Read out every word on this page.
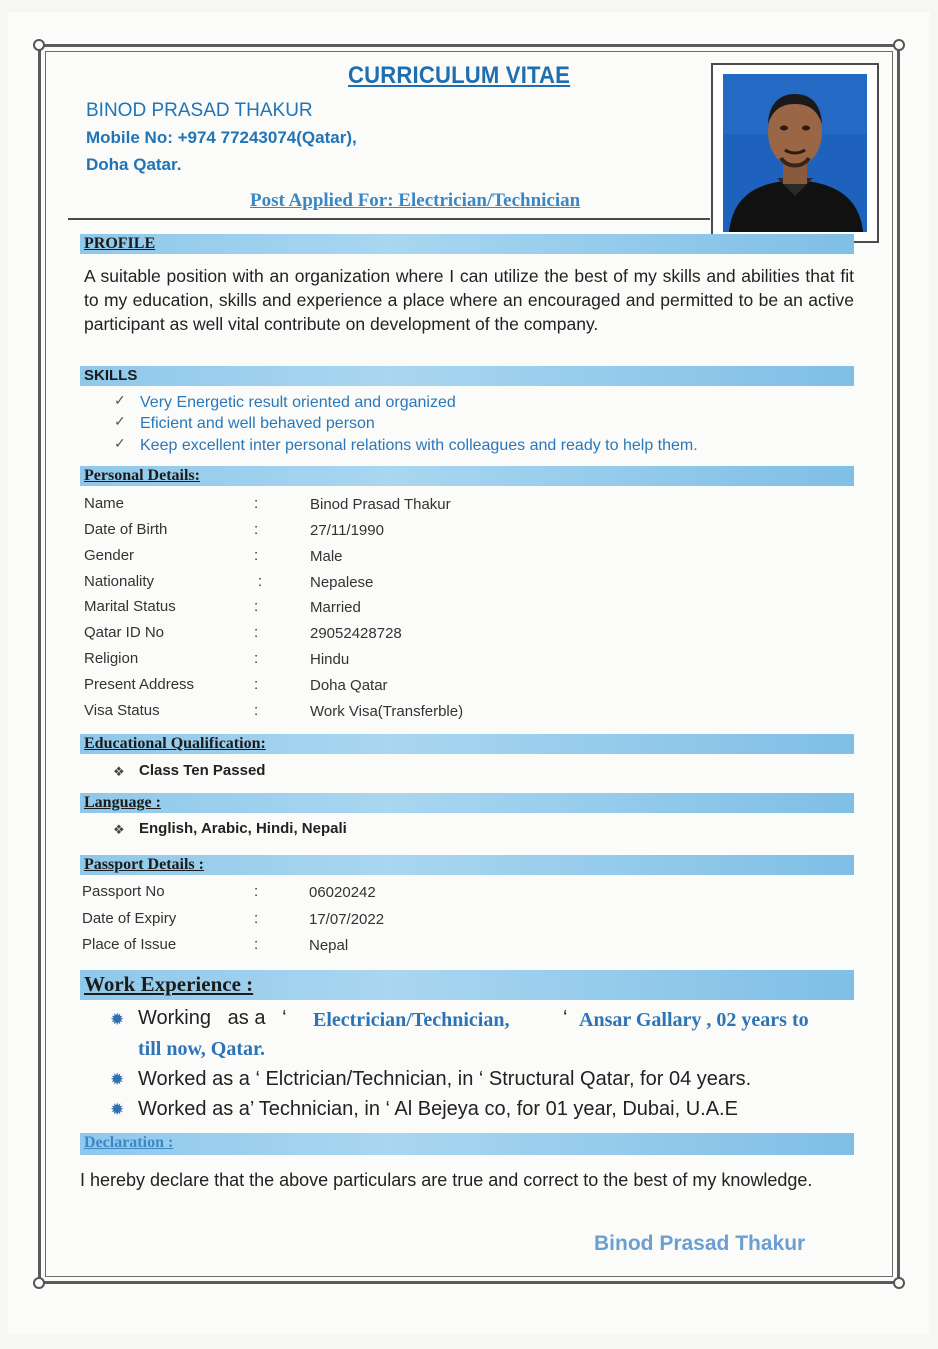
CURRICULUM VITAE
BINOD PRASAD THAKUR
Mobile No: +974 77243074(Qatar),
Doha Qatar.
Post Applied For: Electrician/Technician
PROFILE
A suitable position with an organization where I can utilize the best of my skills and abilities that fit to my education, skills and experience a place where an encouraged and permitted to be an active participant as well vital contribute on development of the company.
SKILLS
✓ Very Energetic result oriented and organized
✓ Eficient and well behaved person
✓ Keep excellent inter personal relations with colleagues and ready to help them.
Personal Details:
Name	:	Binod Prasad Thakur
Date of Birth	:	27/11/1990
Gender	:	Male
Nationality	:	Nepalese
Marital Status	:	Married
Qatar ID No	:	29052428728
Religion	:	Hindu
Present Address	:	Doha Qatar
Visa Status	:	Work Visa(Transferble)
Educational Qualification:
❖ Class Ten Passed
Language :
❖ English, Arabic, Hindi, Nepali
Passport Details :
Passport No	:	06020242
Date of Expiry	:	17/07/2022
Place of Issue	:	Nepal
Work Experience :
✹ Working   as a   ‘ Electrician/Technician,	‘ Ansar Gallary , 02 years to
till now, Qatar.
✹ Worked as a ‘ Elctrician/Technician, in ‘ Structural Qatar, for 04 years.
✹ Worked as a’ Technician, in ‘ Al Bejeya co, for 01 year, Dubai, U.A.E
Declaration :
I hereby declare that the above particulars are true and correct to the best of my knowledge.
Binod Prasad Thakur
